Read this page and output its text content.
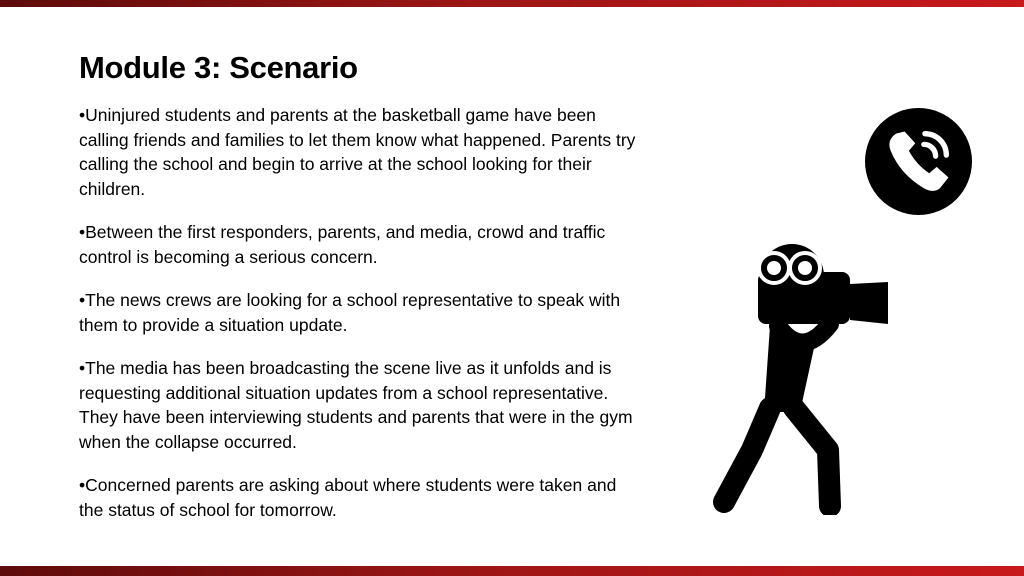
Module 3: Scenario
•Uninjured students and parents at the basketball game have been calling friends and families to let them know what happened. Parents try calling the school and begin to arrive at the school looking for their children.
•Between the first responders, parents, and media, crowd and traffic control is becoming a serious concern.
•The news crews are looking for a school representative to speak with them to provide a situation update.
•The media has been broadcasting the scene live as it unfolds and is requesting additional situation updates from a school representative. They have been interviewing students and parents that were in the gym when the collapse occurred.
•Concerned parents are asking about where students were taken and the status of school for tomorrow.
